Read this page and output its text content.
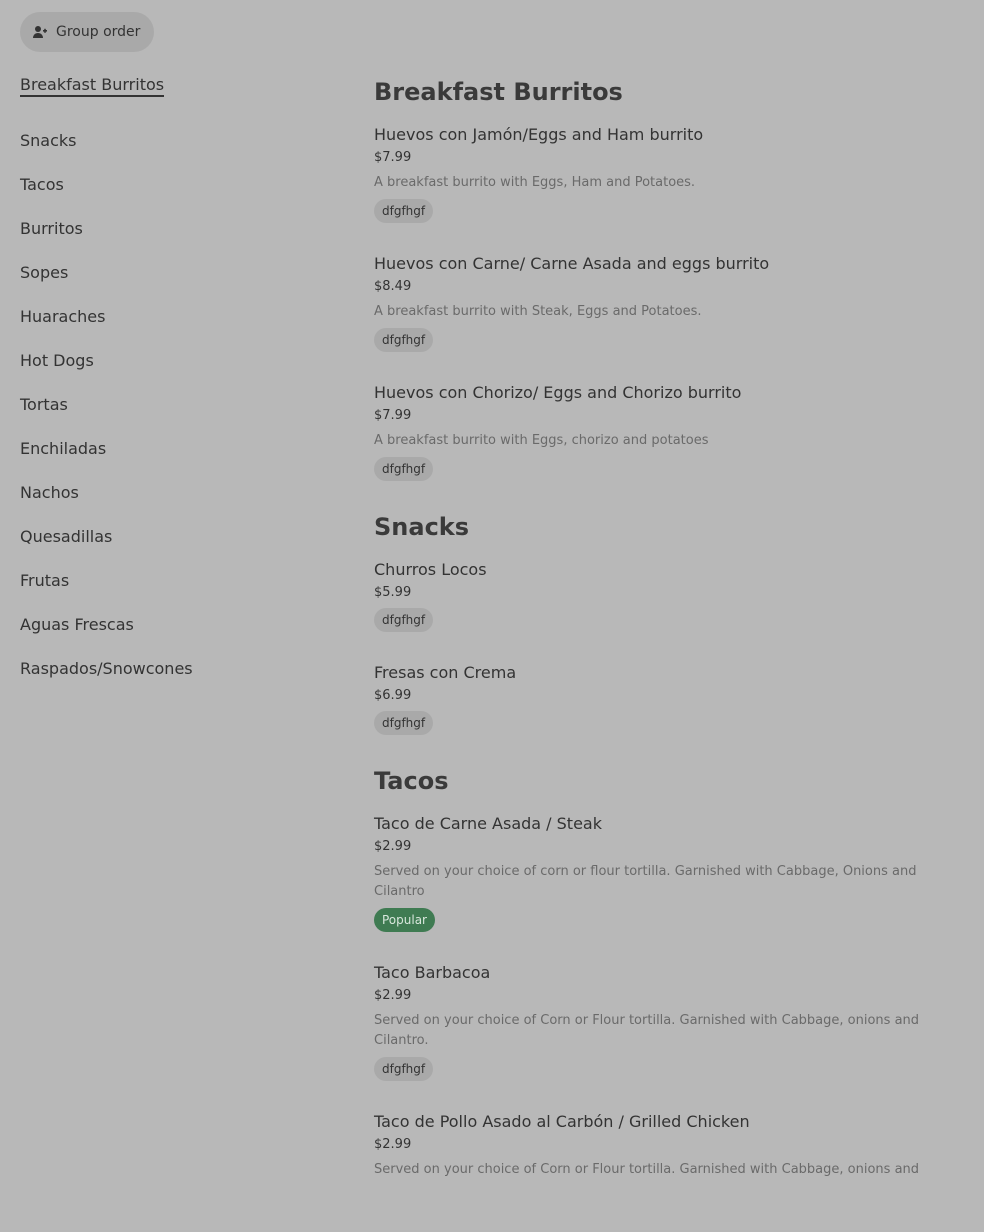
Group order
Breakfast Burritos
Snacks
Tacos
Burritos
Sopes
Huaraches
Hot Dogs
Tortas
Enchiladas
Nachos
Quesadillas
Frutas
Aguas Frescas
Raspados/Snowcones
Breakfast Burritos
Huevos con Jamón/Eggs and Ham burrito
$7.99
A breakfast burrito with Eggs, Ham and Potatoes.
dfgfhgf
Huevos con Carne/ Carne Asada and eggs burrito
$8.49
A breakfast burrito with Steak, Eggs and Potatoes.
dfgfhgf
Huevos con Chorizo/ Eggs and Chorizo burrito
$7.99
A breakfast burrito with Eggs, chorizo and potatoes
dfgfhgf
Snacks
Churros Locos
$5.99
dfgfhgf
Fresas con Crema
$6.99
dfgfhgf
Tacos
Taco de Carne Asada / Steak
$2.99
Served on your choice of corn or flour tortilla. Garnished with Cabbage, Onions and Cilantro
Popular
Taco Barbacoa
$2.99
Served on your choice of Corn or Flour tortilla. Garnished with Cabbage, onions and Cilantro.
dfgfhgf
Taco de Pollo Asado al Carbón / Grilled Chicken
$2.99
Served on your choice of Corn or Flour tortilla. Garnished with Cabbage, onions and
